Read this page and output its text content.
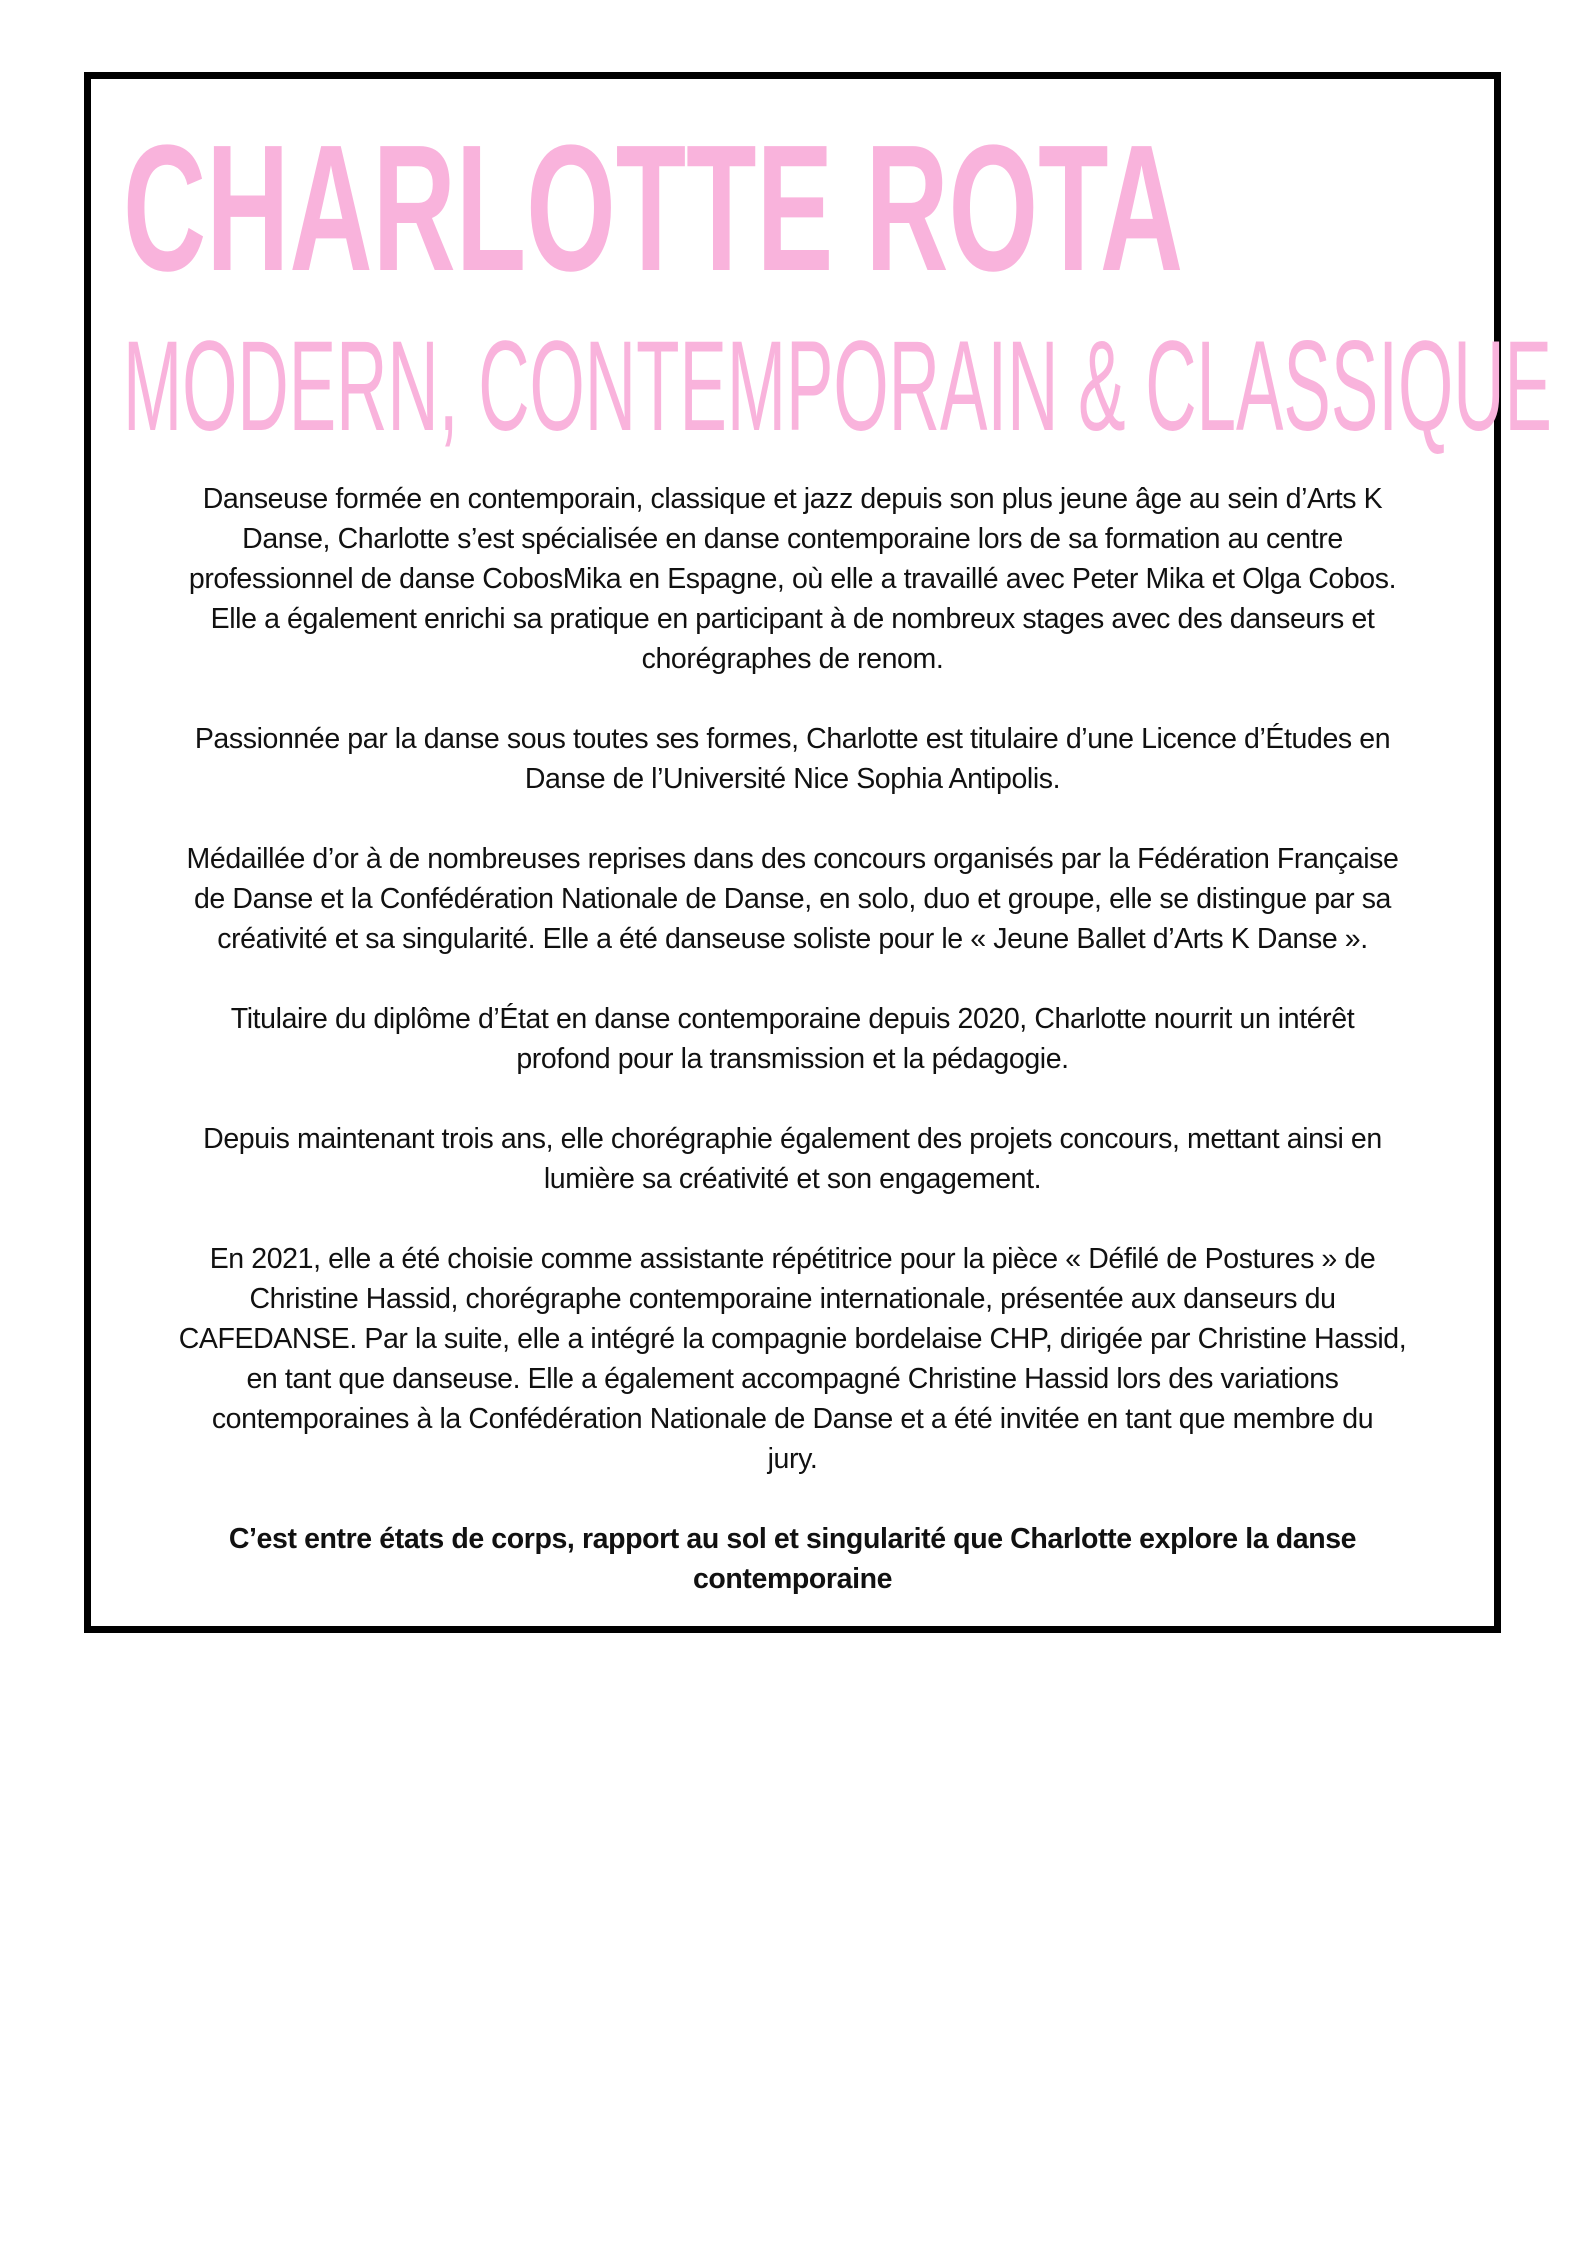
CHARLOTTE ROTA
MODERN, CONTEMPORAIN & CLASSIQUE

Danseuse formée en contemporain, classique et jazz depuis son plus jeune âge au sein d’Arts K
Danse, Charlotte s’est spécialisée en danse contemporaine lors de sa formation au centre
professionnel de danse CobosMika en Espagne, où elle a travaillé avec Peter Mika et Olga Cobos.
Elle a également enrichi sa pratique en participant à de nombreux stages avec des danseurs et
chorégraphes de renom.

Passionnée par la danse sous toutes ses formes, Charlotte est titulaire d’une Licence d’Études en
Danse de l’Université Nice Sophia Antipolis.

Médaillée d’or à de nombreuses reprises dans des concours organisés par la Fédération Française
de Danse et la Confédération Nationale de Danse, en solo, duo et groupe, elle se distingue par sa
créativité et sa singularité. Elle a été danseuse soliste pour le « Jeune Ballet d’Arts K Danse ».

Titulaire du diplôme d’État en danse contemporaine depuis 2020, Charlotte nourrit un intérêt
profond pour la transmission et la pédagogie.

Depuis maintenant trois ans, elle chorégraphie également des projets concours, mettant ainsi en
lumière sa créativité et son engagement.

En 2021, elle a été choisie comme assistante répétitrice pour la pièce « Défilé de Postures » de
Christine Hassid, chorégraphe contemporaine internationale, présentée aux danseurs du
CAFEDANSE. Par la suite, elle a intégré la compagnie bordelaise CHP, dirigée par Christine Hassid,
en tant que danseuse. Elle a également accompagné Christine Hassid lors des variations
contemporaines à la Confédération Nationale de Danse et a été invitée en tant que membre du
jury.

C’est entre états de corps, rapport au sol et singularité que Charlotte explore la danse
contemporaine
